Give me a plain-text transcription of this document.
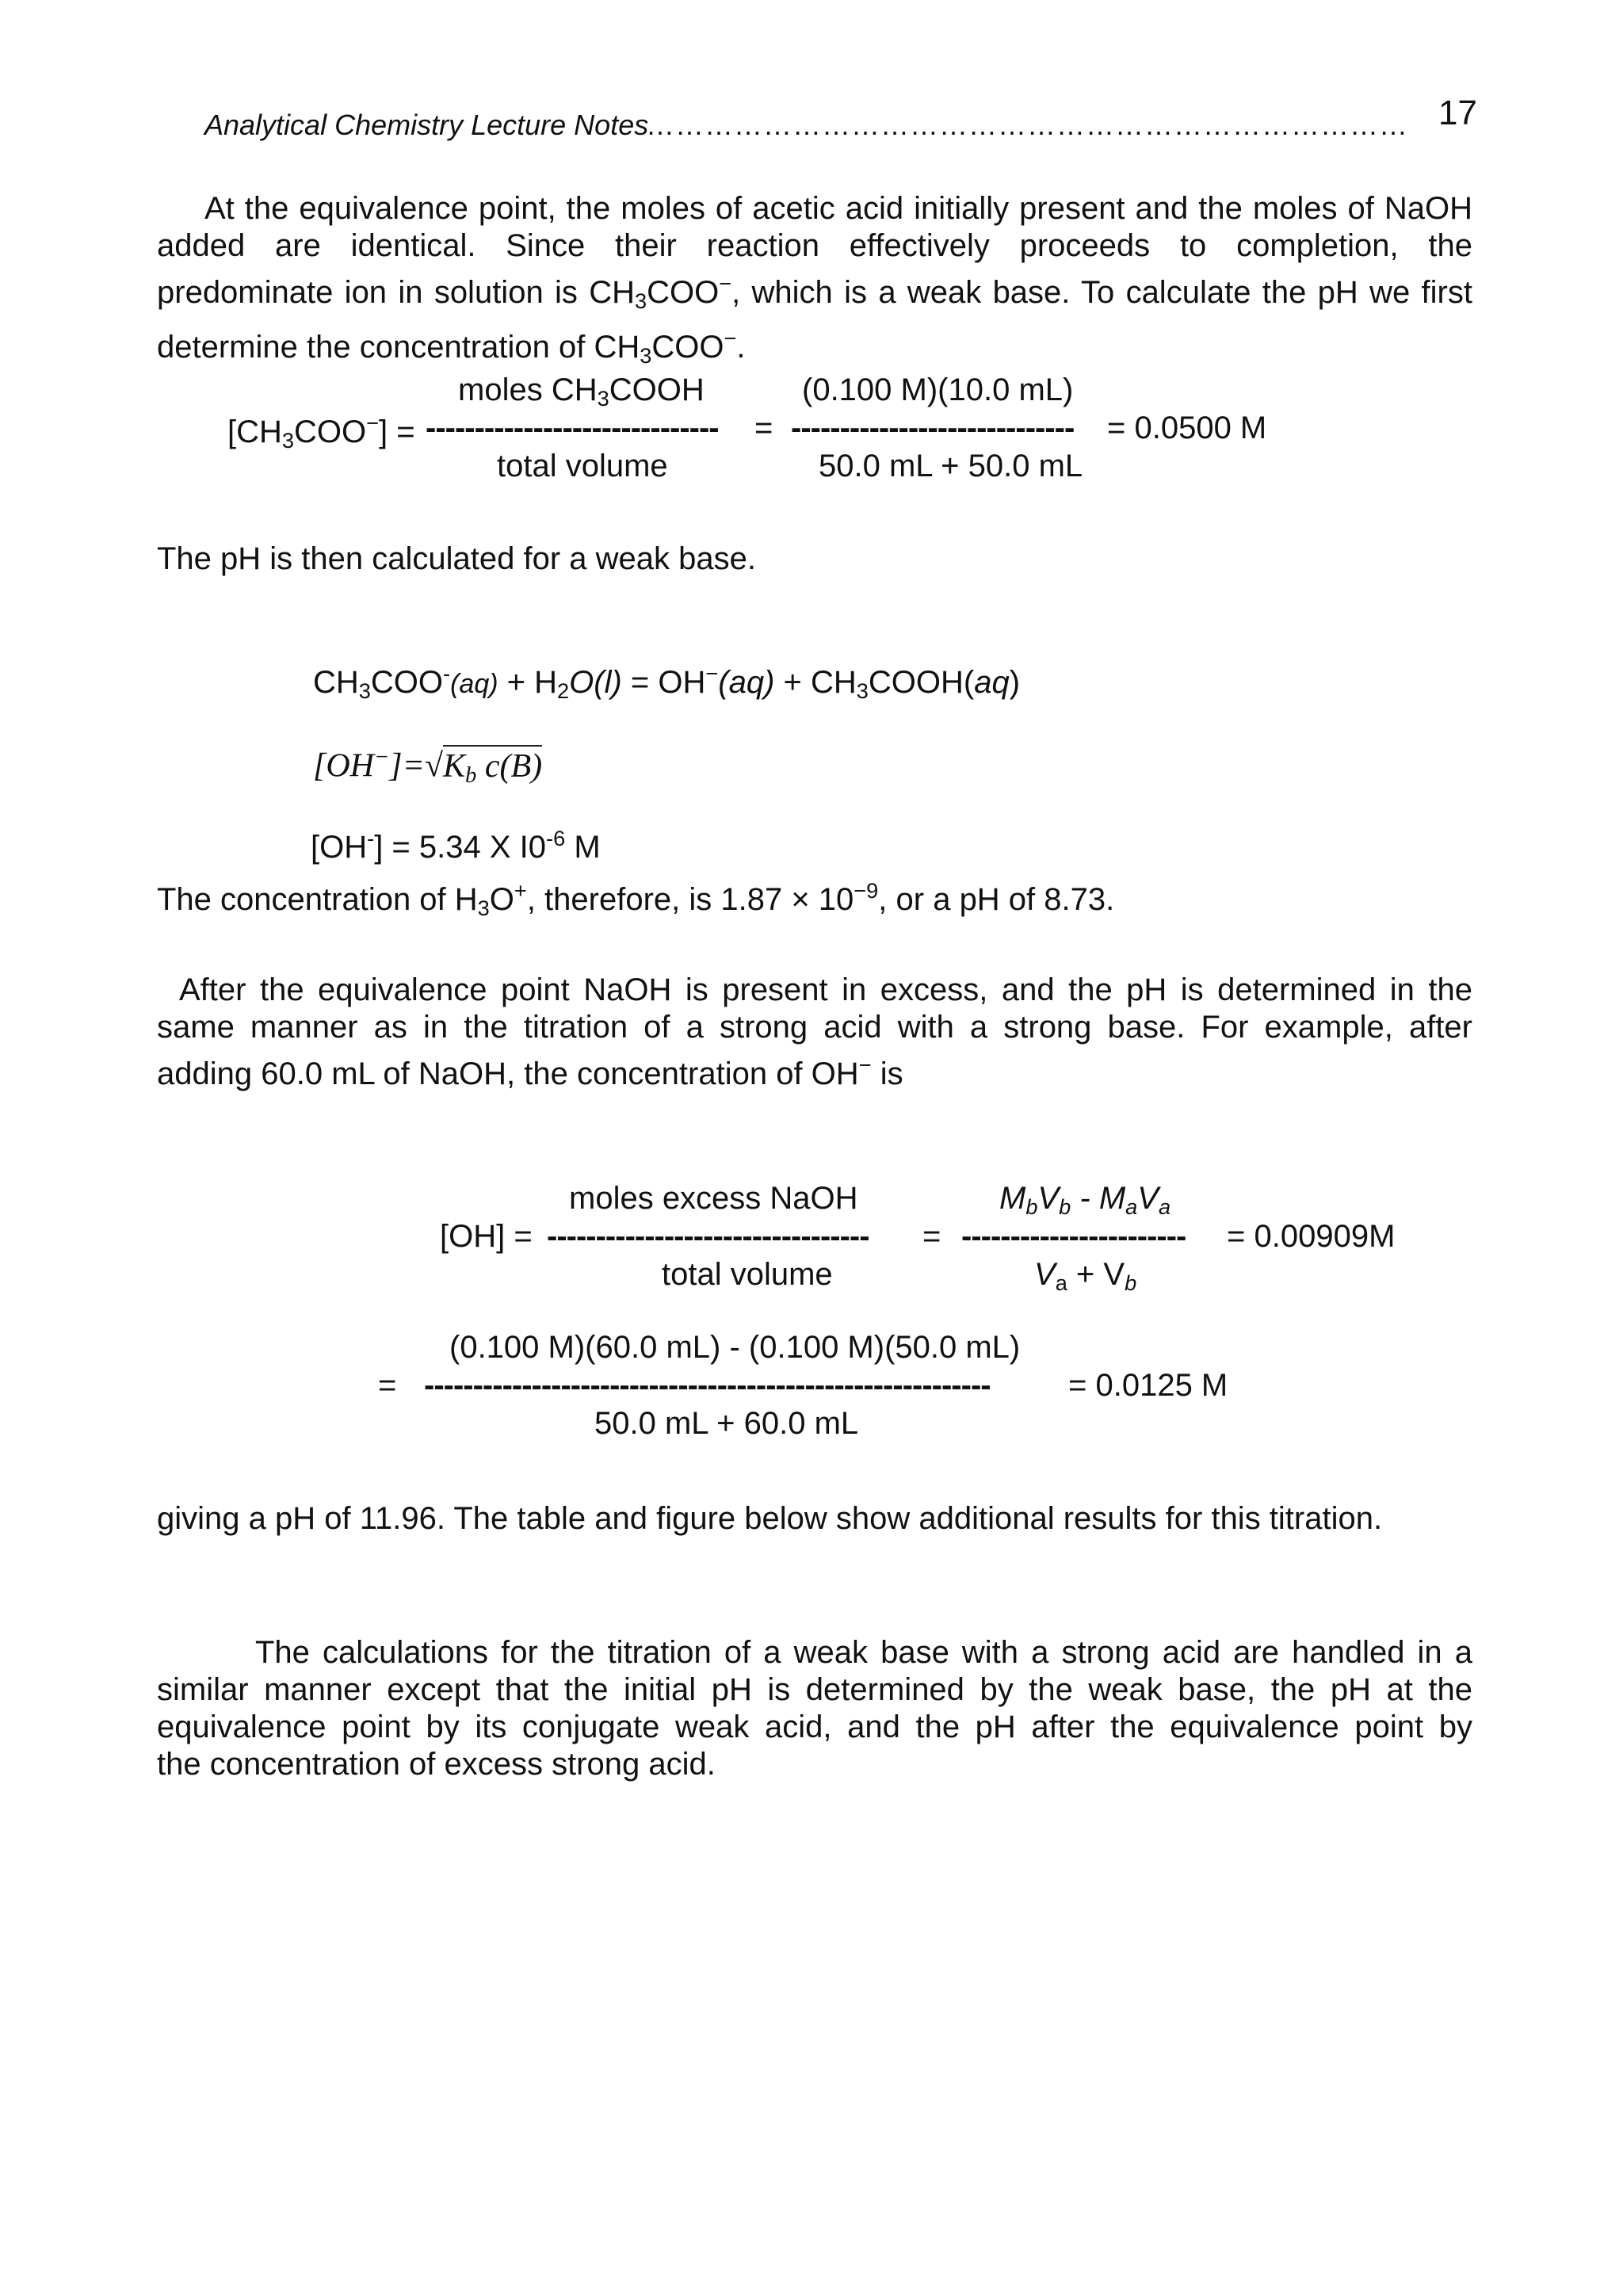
Analytical Chemistry Lecture Notes
…………………………………………………………………… 17
At the equivalence point, the moles of acetic acid initially present and the moles of NaOH
added are identical. Since their reaction effectively proceeds to completion, the
predominate ion in solution is $CH_3COO^-$, which is a weak base. To calculate the pH we first
determine the concentration of $CH_3COO^-$.
moles $CH_3COOH$	(0.100 M)(10.0 mL)
$[CH_3COO^-]$ = ------------------------------ = ----------------------------- = 0.0500 M
total volume	50.0 mL + 50.0 mL
The pH is then calculated for a weak base.
$CH_3COO^-(aq) + H_2O(l) = OH^-(aq)$ + $CH_3COOH(aq)$
$[OH^-]=√K_b$ c(B)
[OH-] = 5.34 X $I0^{-6}$ M
The concentration of $H_3O^+$, therefore, is $1.87 \times 10^{-9}$, or a pH of 8.73.
After the equivalence point NaOH is present in excess, and the pH is determined in the
same manner as in the titration of a strong acid with a strong base. For example, after
adding 60.0 mL of NaOH, the concentration of OH− is
moles excess NaOH	$M_bV_b - M_aV_a$
[OH] = --------------------------------- = ----------------------- = 0.00909M
total volume	$V_a + V_b$
(0.100 M)(60.0 mL) - (0.100 M)(50.0 mL)
= ---------------------------------------------------------- = 0.0125 M
50.0 mL + 60.0 mL
giving a pH of 11.96. The table and figure below show additional results for this titration.
The calculations for the titration of a weak base with a strong acid are handled in a
similar manner except that the initial pH is determined by the weak base, the pH at the
equivalence point by its conjugate weak acid, and the pH after the equivalence point by
the concentration of excess strong acid.
